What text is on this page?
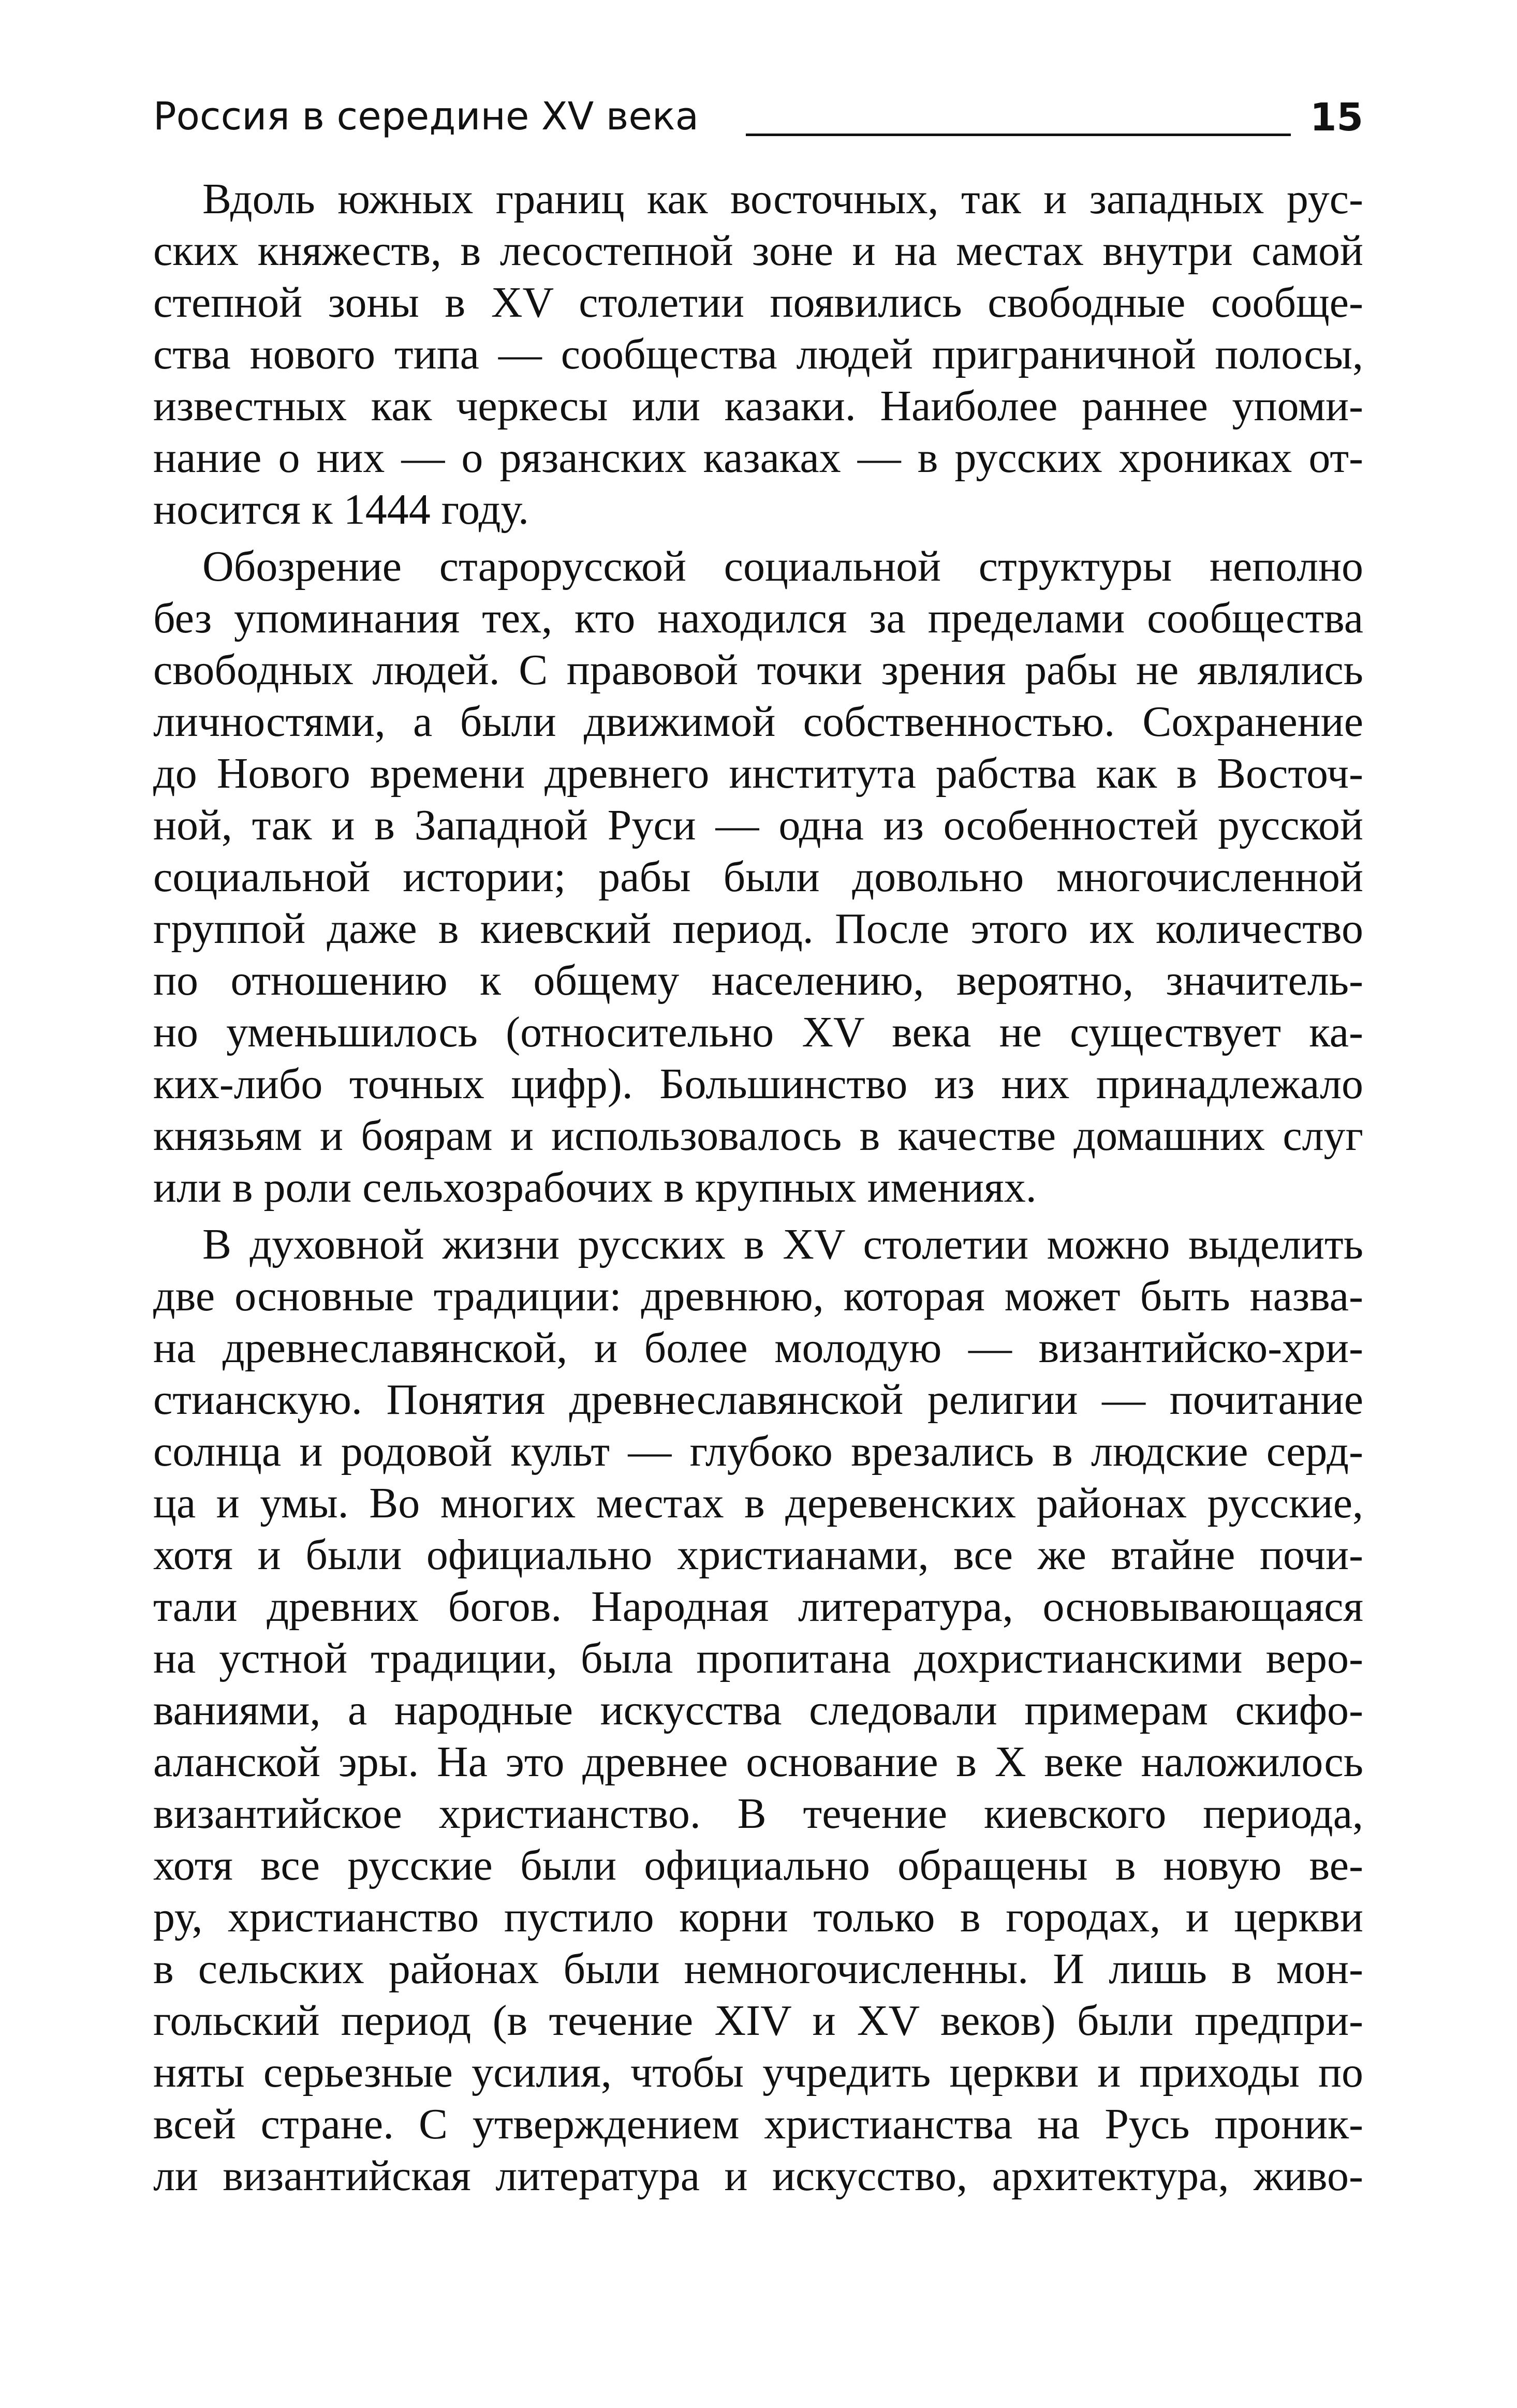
Россия в середине XV века	15
Вдоль южных границ как восточных, так и западных рус-
ских княжеств, в лесостепной зоне и на местах внутри самой
степной зоны в XV столетии появились свободные сообще-
ства нового типа — сообщества людей приграничной полосы,
известных как черкесы или казаки. Наиболее раннее упоми-
нание о них — о рязанских казаках — в русских хрониках от-
носится к 1444 году.
Обозрение старорусской социальной структуры неполно
без упоминания тех, кто находился за пределами сообщества
свободных людей. С правовой точки зрения рабы не являлись
личностями, а были движимой собственностью. Сохранение
до Нового времени древнего института рабства как в Восточ-
ной, так и в Западной Руси — одна из особенностей русской
социальной истории; рабы были довольно многочисленной
группой даже в киевский период. После этого их количество
по отношению к общему населению, вероятно, значитель-
но уменьшилось (относительно XV века не существует ка-
ких-либо точных цифр). Большинство из них принадлежало
князьям и боярам и использовалось в качестве домашних слуг
или в роли сельхозрабочих в крупных имениях.
В духовной жизни русских в XV столетии можно выделить
две основные традиции: древнюю, которая может быть назва-
на древнеславянской, и более молодую — византийско-хри-
стианскую. Понятия древнеславянской религии — почитание
солнца и родовой культ — глубоко врезались в людские серд-
ца и умы. Во многих местах в деревенских районах русские,
хотя и были официально христианами, все же втайне почи-
тали древних богов. Народная литература, основывающаяся
на устной традиции, была пропитана дохристианскими веро-
ваниями, а народные искусства следовали примерам скифо-
аланской эры. На это древнее основание в X веке наложилось
византийское христианство. В течение киевского периода,
хотя все русские были официально обращены в новую ве-
ру, христианство пустило корни только в городах, и церкви
в сельских районах были немногочисленны. И лишь в мон-
гольский период (в течение XIV и XV веков) были предпри-
няты серьезные усилия, чтобы учредить церкви и приходы по
всей стране. С утверждением христианства на Русь проник-
ли византийская литература и искусство, архитектура, живо-
